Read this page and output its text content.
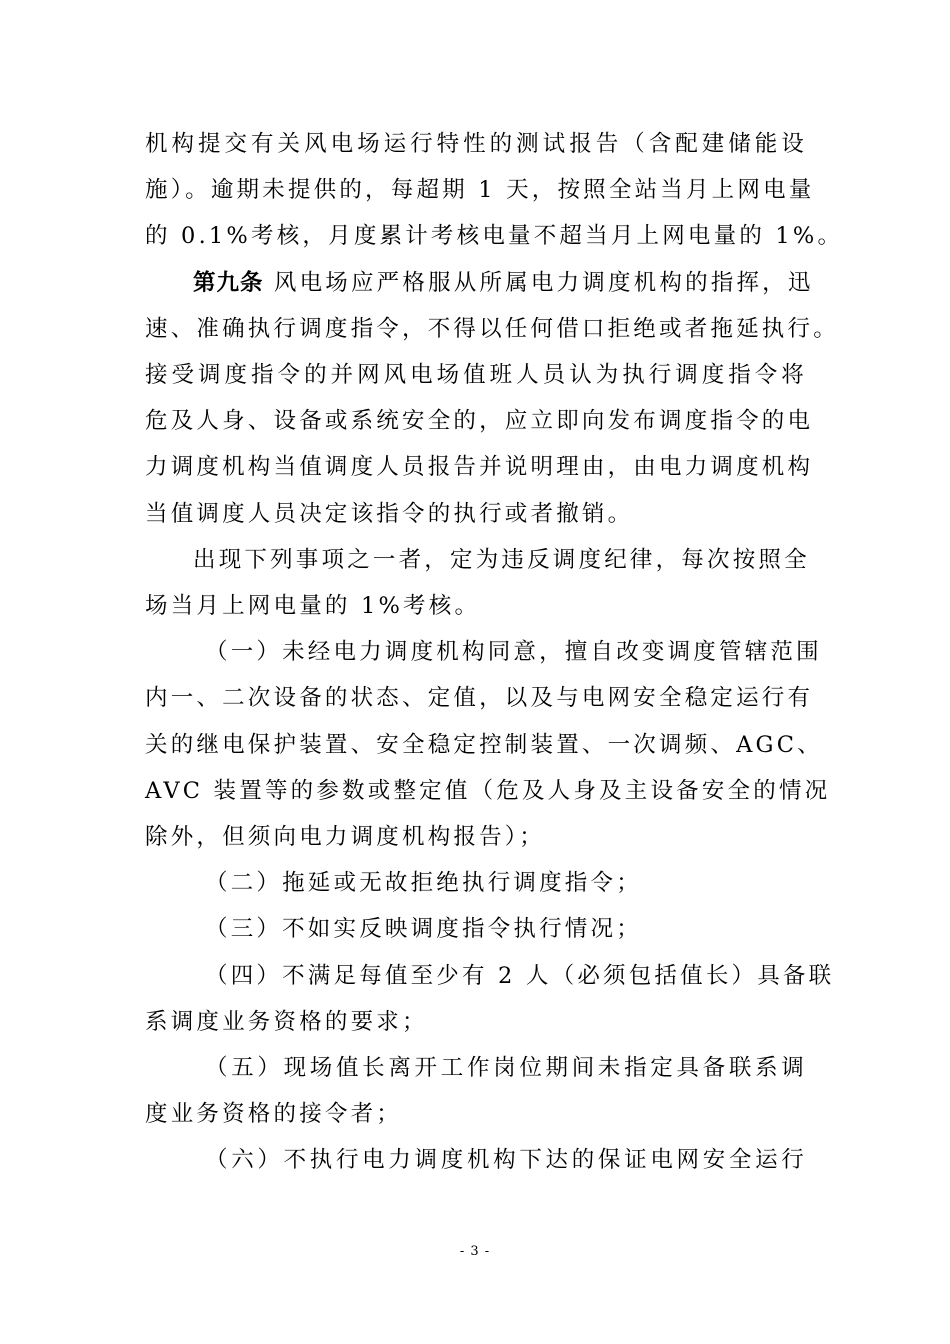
机构提交有关风电场运行特性的测试报告（含配建储能设
施）。逾期未提供的，每超期 1 天，按照全站当月上网电量
的 0.1%考核，月度累计考核电量不超当月上网电量的 1%。

第九条 风电场应严格服从所属电力调度机构的指挥，迅
速、准确执行调度指令，不得以任何借口拒绝或者拖延执行。
接受调度指令的并网风电场值班人员认为执行调度指令将
危及人身、设备或系统安全的，应立即向发布调度指令的电
力调度机构当值调度人员报告并说明理由，由电力调度机构
当值调度人员决定该指令的执行或者撤销。

出现下列事项之一者，定为违反调度纪律，每次按照全
场当月上网电量的 1%考核。

（一）未经电力调度机构同意，擅自改变调度管辖范围
内一、二次设备的状态、定值，以及与电网安全稳定运行有
关的继电保护装置、安全稳定控制装置、一次调频、AGC、
AVC 装置等的参数或整定值（危及人身及主设备安全的情况
除外，但须向电力调度机构报告）；

（二）拖延或无故拒绝执行调度指令；

（三）不如实反映调度指令执行情况；

（四）不满足每值至少有 2 人（必须包括值长）具备联
系调度业务资格的要求；

（五）现场值长离开工作岗位期间未指定具备联系调
度业务资格的接令者；

（六）不执行电力调度机构下达的保证电网安全运行

- 3 -
